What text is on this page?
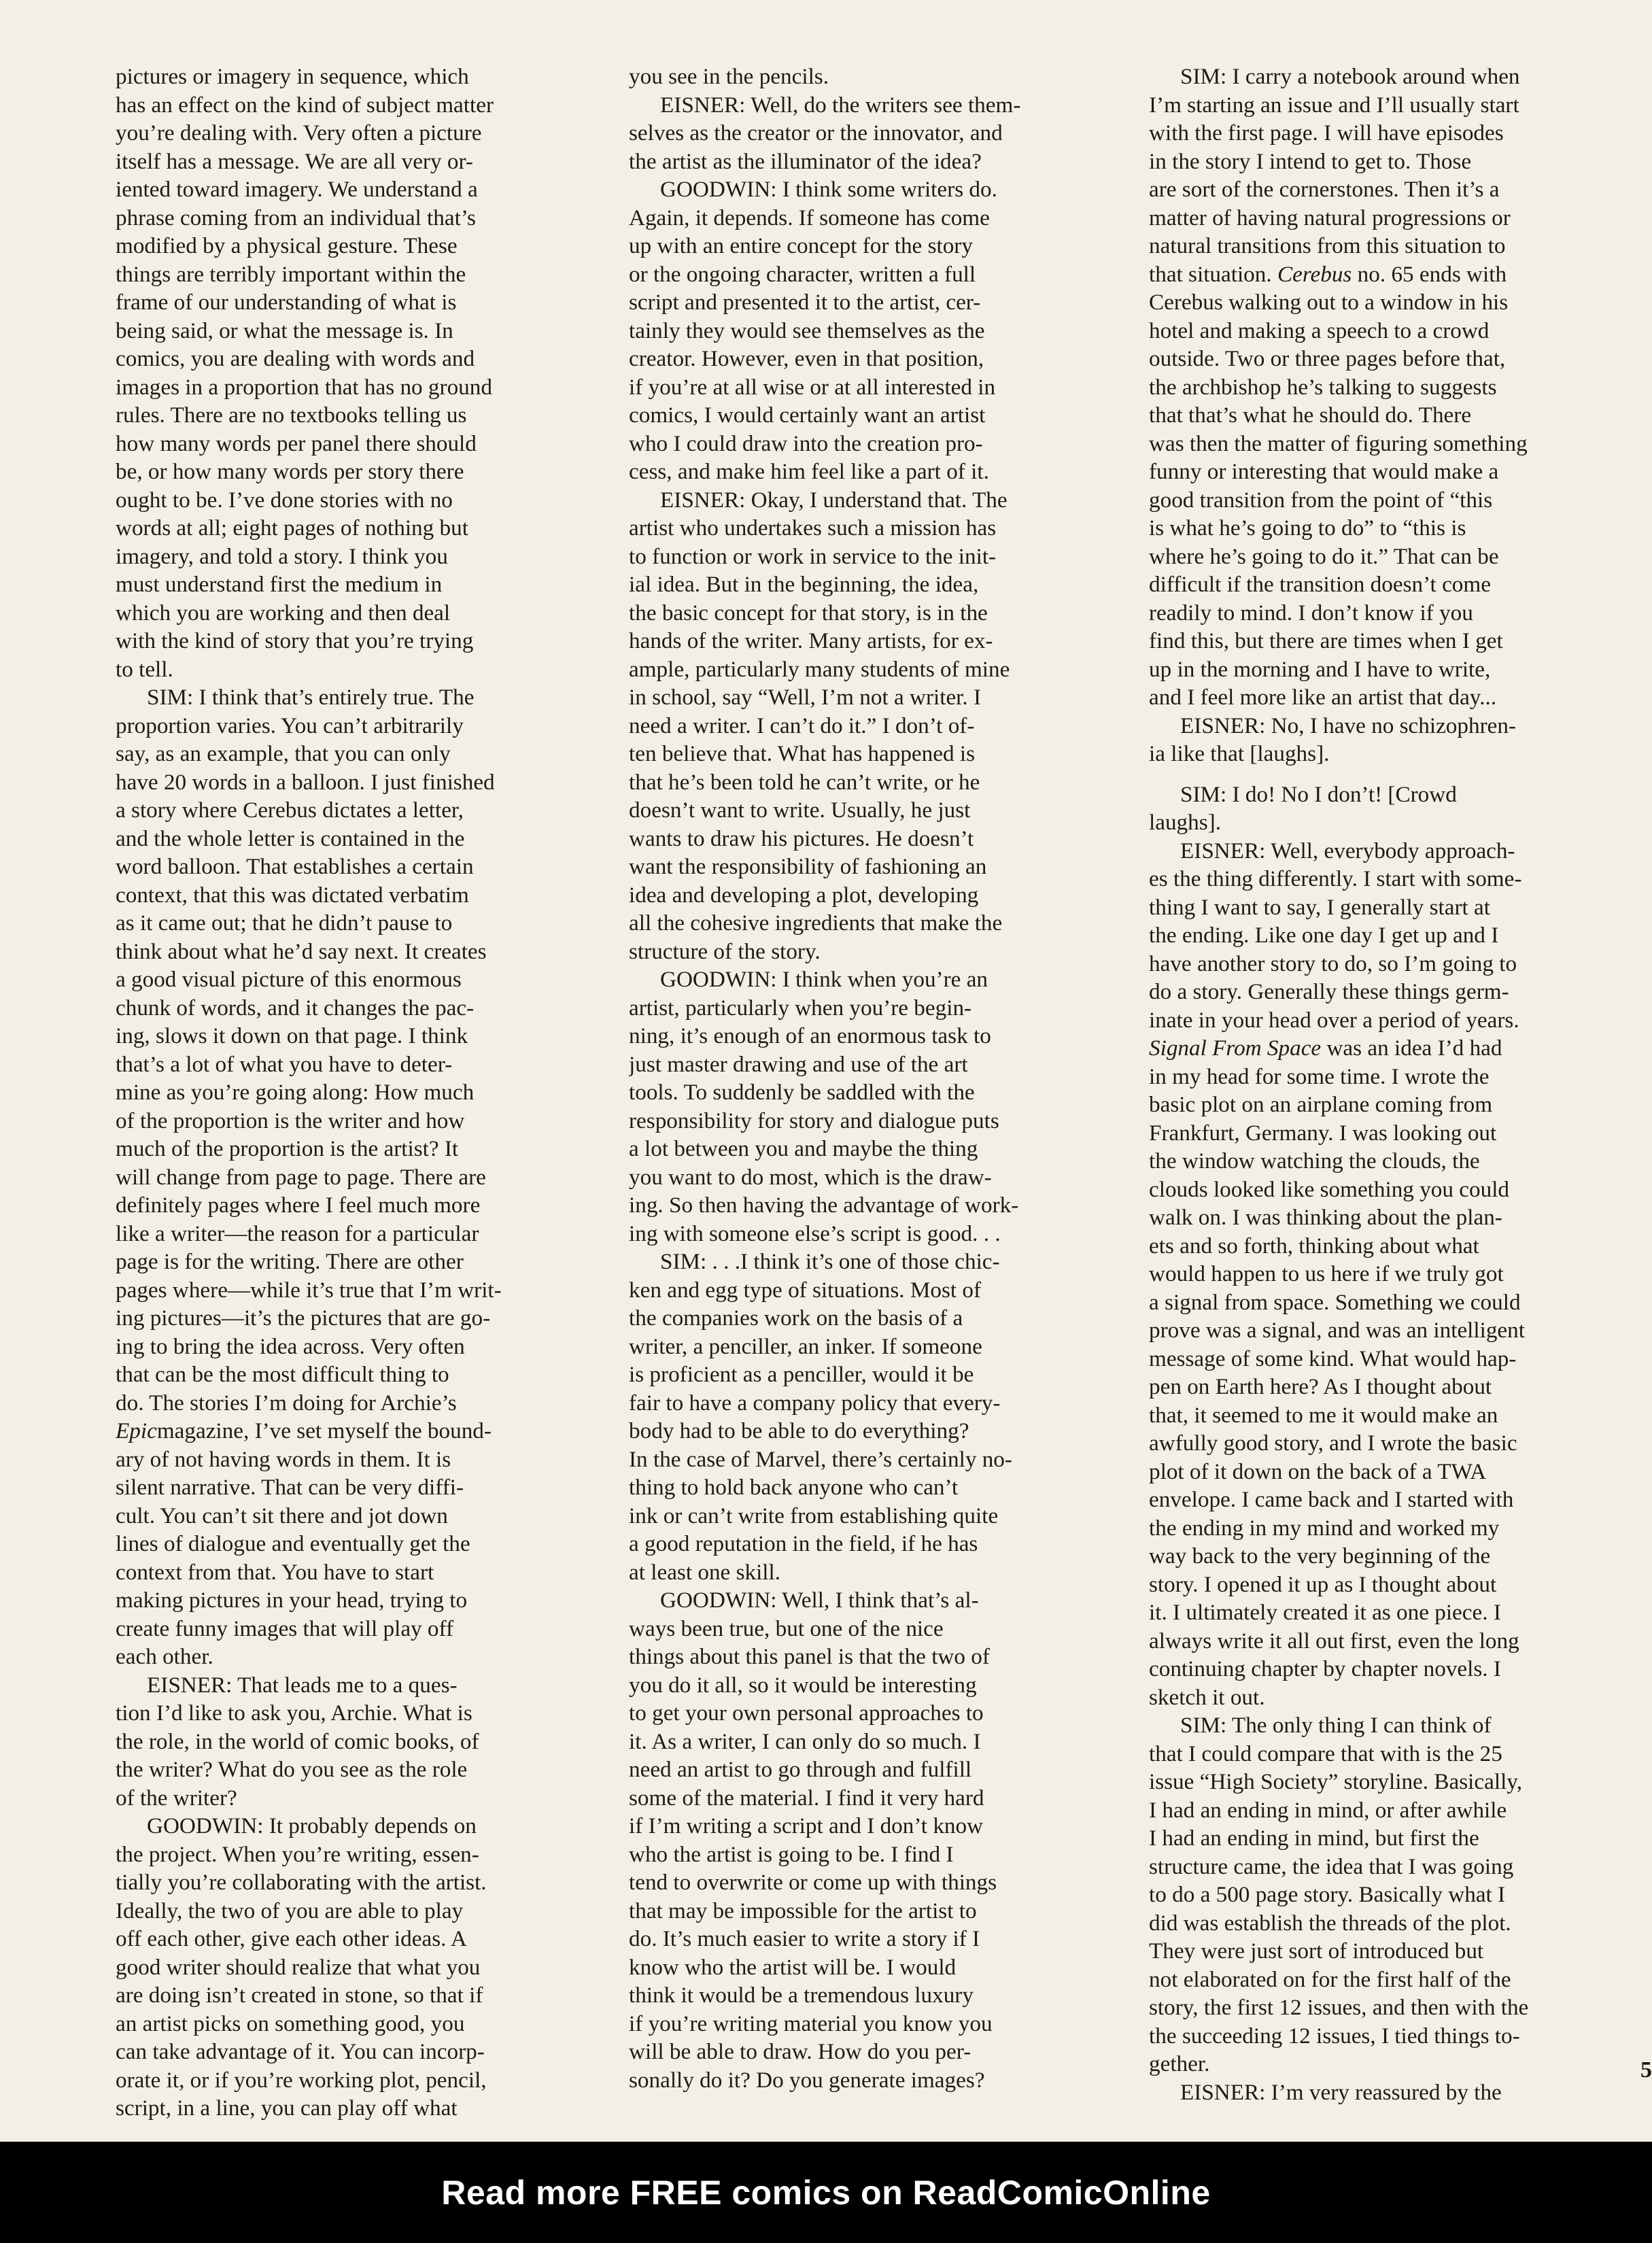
pictures or imagery in sequence, which
has an effect on the kind of subject matter
you’re dealing with. Very often a picture
itself has a message. We are all very or-
iented toward imagery. We understand a
phrase coming from an individual that’s
modified by a physical gesture. These
things are terribly important within the
frame of our understanding of what is
being said, or what the message is. In
comics, you are dealing with words and
images in a proportion that has no ground
rules. There are no textbooks telling us
how many words per panel there should
be, or how many words per story there
ought to be. I’ve done stories with no
words at all; eight pages of nothing but
imagery, and told a story. I think you
must understand first the medium in
which you are working and then deal
with the kind of story that you’re trying
to tell.
SIM: I think that’s entirely true. The
proportion varies. You can’t arbitrarily
say, as an example, that you can only
have 20 words in a balloon. I just finished
a story where Cerebus dictates a letter,
and the whole letter is contained in the
word balloon. That establishes a certain
context, that this was dictated verbatim
as it came out; that he didn’t pause to
think about what he’d say next. It creates
a good visual picture of this enormous
chunk of words, and it changes the pac-
ing, slows it down on that page. I think
that’s a lot of what you have to deter-
mine as you’re going along: How much
of the proportion is the writer and how
much of the proportion is the artist? It
will change from page to page. There are
definitely pages where I feel much more
like a writer—the reason for a particular
page is for the writing. There are other
pages where—while it’s true that I’m writ-
ing pictures—it’s the pictures that are go-
ing to bring the idea across. Very often
that can be the most difficult thing to
do. The stories I’m doing for Archie’s
Epicmagazine, I’ve set myself the bound-
ary of not having words in them. It is
silent narrative. That can be very diffi-
cult. You can’t sit there and jot down
lines of dialogue and eventually get the
context from that. You have to start
making pictures in your head, trying to
create funny images that will play off
each other.
EISNER: That leads me to a ques-
tion I’d like to ask you, Archie. What is
the role, in the world of comic books, of
the writer? What do you see as the role
of the writer?
GOODWIN: It probably depends on
the project. When you’re writing, essen-
tially you’re collaborating with the artist.
Ideally, the two of you are able to play
off each other, give each other ideas. A
good writer should realize that what you
are doing isn’t created in stone, so that if
an artist picks on something good, you
can take advantage of it. You can incorp-
orate it, or if you’re working plot, pencil,
script, in a line, you can play off what
you see in the pencils.
EISNER: Well, do the writers see them-
selves as the creator or the innovator, and
the artist as the illuminator of the idea?
GOODWIN: I think some writers do.
Again, it depends. If someone has come
up with an entire concept for the story
or the ongoing character, written a full
script and presented it to the artist, cer-
tainly they would see themselves as the
creator. However, even in that position,
if you’re at all wise or at all interested in
comics, I would certainly want an artist
who I could draw into the creation pro-
cess, and make him feel like a part of it.
EISNER: Okay, I understand that. The
artist who undertakes such a mission has
to function or work in service to the init-
ial idea. But in the beginning, the idea,
the basic concept for that story, is in the
hands of the writer. Many artists, for ex-
ample, particularly many students of mine
in school, say “Well, I’m not a writer. I
need a writer. I can’t do it.” I don’t of-
ten believe that. What has happened is
that he’s been told he can’t write, or he
doesn’t want to write. Usually, he just
wants to draw his pictures. He doesn’t
want the responsibility of fashioning an
idea and developing a plot, developing
all the cohesive ingredients that make the
structure of the story.
GOODWIN: I think when you’re an
artist, particularly when you’re begin-
ning, it’s enough of an enormous task to
just master drawing and use of the art
tools. To suddenly be saddled with the
responsibility for story and dialogue puts
a lot between you and maybe the thing
you want to do most, which is the draw-
ing. So then having the advantage of work-
ing with someone else’s script is good. . .
SIM: . . .I think it’s one of those chic-
ken and egg type of situations. Most of
the companies work on the basis of a
writer, a penciller, an inker. If someone
is proficient as a penciller, would it be
fair to have a company policy that every-
body had to be able to do everything?
In the case of Marvel, there’s certainly no-
thing to hold back anyone who can’t
ink or can’t write from establishing quite
a good reputation in the field, if he has
at least one skill.
GOODWIN: Well, I think that’s al-
ways been true, but one of the nice
things about this panel is that the two of
you do it all, so it would be interesting
to get your own personal approaches to
it. As a writer, I can only do so much. I
need an artist to go through and fulfill
some of the material. I find it very hard
if I’m writing a script and I don’t know
who the artist is going to be. I find I
tend to overwrite or come up with things
that may be impossible for the artist to
do. It’s much easier to write a story if I
know who the artist will be. I would
think it would be a tremendous luxury
if you’re writing material you know you
will be able to draw. How do you per-
sonally do it? Do you generate images?
SIM: I carry a notebook around when
I’m starting an issue and I’ll usually start
with the first page. I will have episodes
in the story I intend to get to. Those
are sort of the cornerstones. Then it’s a
matter of having natural progressions or
natural transitions from this situation to
that situation. Cerebus no. 65 ends with
Cerebus walking out to a window in his
hotel and making a speech to a crowd
outside. Two or three pages before that,
the archbishop he’s talking to suggests
that that’s what he should do. There
was then the matter of figuring something
funny or interesting that would make a
good transition from the point of “this
is what he’s going to do” to “this is
where he’s going to do it.” That can be
difficult if the transition doesn’t come
readily to mind. I don’t know if you
find this, but there are times when I get
up in the morning and I have to write,
and I feel more like an artist that day...
EISNER: No, I have no schizophren-
ia like that [laughs].
SIM: I do! No I don’t! [Crowd
laughs].
EISNER: Well, everybody approach-
es the thing differently. I start with some-
thing I want to say, I generally start at
the ending. Like one day I get up and I
have another story to do, so I’m going to
do a story. Generally these things germ-
inate in your head over a period of years.
Signal From Space was an idea I’d had
in my head for some time. I wrote the
basic plot on an airplane coming from
Frankfurt, Germany. I was looking out
the window watching the clouds, the
clouds looked like something you could
walk on. I was thinking about the plan-
ets and so forth, thinking about what
would happen to us here if we truly got
a signal from space. Something we could
prove was a signal, and was an intelligent
message of some kind. What would hap-
pen on Earth here? As I thought about
that, it seemed to me it would make an
awfully good story, and I wrote the basic
plot of it down on the back of a TWA
envelope. I came back and I started with
the ending in my mind and worked my
way back to the very beginning of the
story. I opened it up as I thought about
it. I ultimately created it as one piece. I
always write it all out first, even the long
continuing chapter by chapter novels. I
sketch it out.
SIM: The only thing I can think of
that I could compare that with is the 25
issue “High Society” storyline. Basically,
I had an ending in mind, or after awhile
I had an ending in mind, but first the
structure came, the idea that I was going
to do a 500 page story. Basically what I
did was establish the threads of the plot.
They were just sort of introduced but
not elaborated on for the first half of the
story, the first 12 issues, and then with the
the succeeding 12 issues, I tied things to-
gether.
EISNER: I’m very reassured by the
5
Read more FREE comics on ReadComicOnline
